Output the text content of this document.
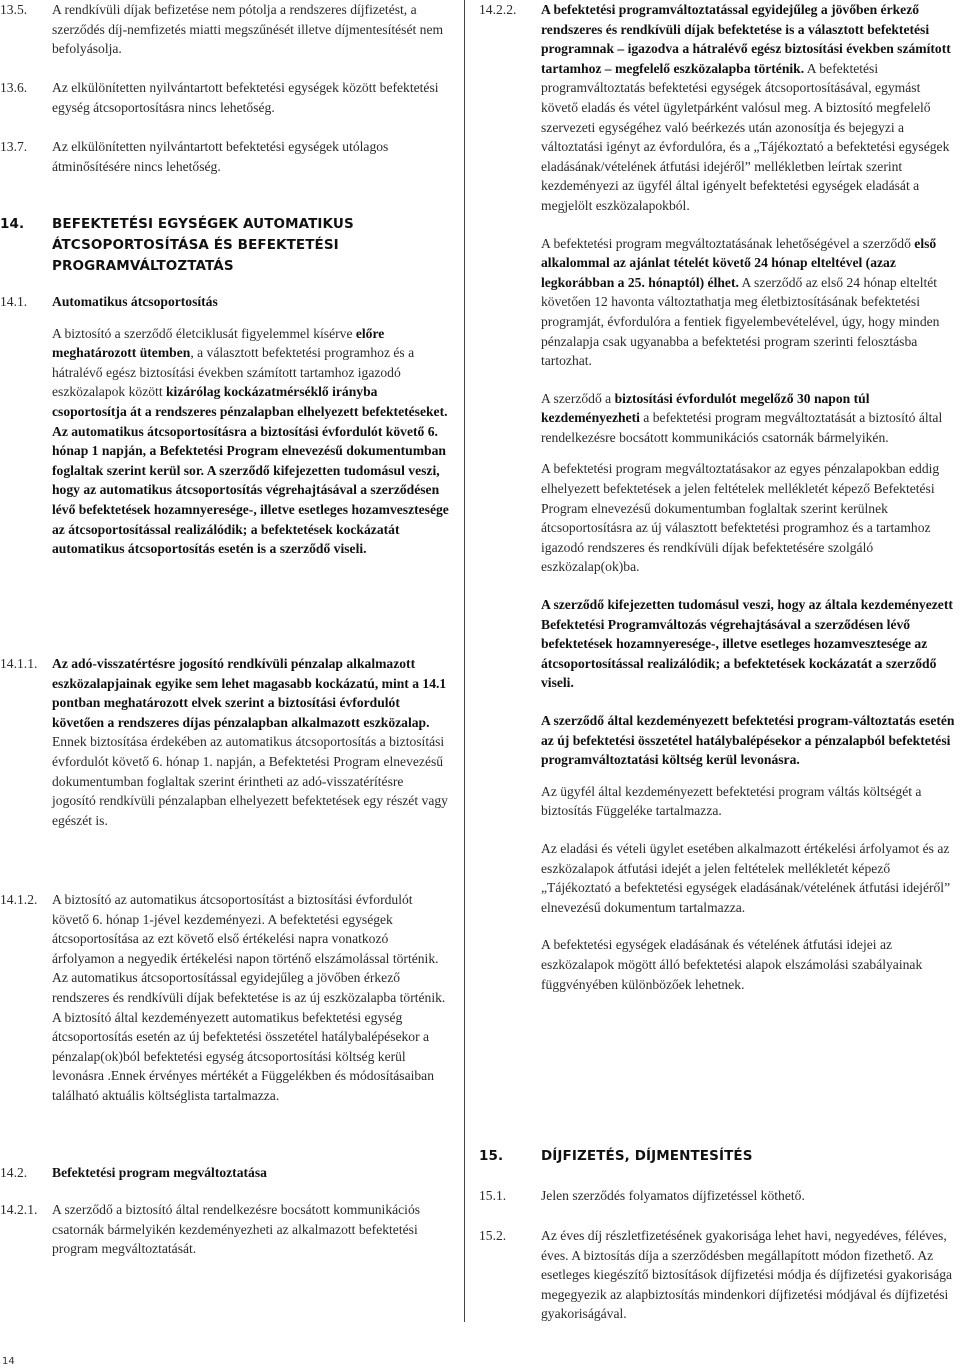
13.5. A rendkívüli díjak befizetése nem pótolja a rendszeres díjfizetést, a szerződés díj-nemfizetés miatti megszűnését illetve díjmentesítését nem befolyásolja.

13.6. Az elkülönítetten nyilvántartott befektetési egységek között befektetési egység átcsoportosításra nincs lehetőség.

13.7. Az elkülönítetten nyilvántartott befektetési egységek utólagos átminősítésére nincs lehetőség.

14. BEFEKTETÉSI EGYSÉGEK AUTOMATIKUS ÁTCSOPORTOSÍTÁSA ÉS BEFEKTETÉSI PROGRAMVÁLTOZTATÁS
14.1. Automatikus átcsoportosítás

A biztosító a szerződő életciklusát figyelemmel kísérve előre meghatározott ütemben, a választott befektetési programhoz és a hátralévő egész biztosítási években számított tartamhoz igazodó eszközalapok között kizárólag kockázatmérséklő irányba csoportosítja át a rendszeres pénzalapban elhelyezett befektetéseket. Az automatikus átcsoportosításra a biztosítási évfordulót követő 6. hónap 1 napján, a Befektetési Program elnevezésű dokumentumban foglaltak szerint kerül sor. A szerződő kifejezetten tudomásul veszi, hogy az automatikus átcsoportosítás végrehajtásával a szerződésen lévő befektetések hozamnyeresége-, illetve esetleges hozamvesztesége az átcsoportosítással realizálódik; a befektetések kockázatát automatikus átcsoportosítás esetén is a szerződő viseli.

14.1.1. Az adó-visszatértésre jogosító rendkívüli pénzalap alkalmazott eszközalapjainak egyike sem lehet magasabb kockázatú, mint a 14.1 pontban meghatározott elvek szerint a biztosítási évfordulót követően a rendszeres díjas pénzalapban alkalmazott eszközalap. Ennek biztosítása érdekében az automatikus átcsoportosítás a biztosítási évfordulót követő 6. hónap 1. napján, a Befektetési Program elnevezésű dokumentumban foglaltak szerint érintheti az adó-visszatérítésre jogosító rendkívüli pénzalapban elhelyezett befektetések egy részét vagy egészét is.

14.1.2. A biztosító az automatikus átcsoportosítást a biztosítási évfordulót követő 6. hónap 1-jével kezdeményezi. A befektetési egységek átcsoportosítása az ezt követő első értékelési napra vonatkozó árfolyamon a negyedik értékelési napon történő elszámolással történik. Az automatikus átcsoportosítással egyidejűleg a jövőben érkező rendszeres és rendkívüli díjak befektetése is az új eszközalapba történik. A biztosító által kezdeményezett automatikus befektetési egység átcsoportosítás esetén az új befektetési összetétel hatálybalépésekor a pénzalap(ok)ból befektetési egység átcsoportosítási költség kerül levonásra .Ennek érvényes mértékét a Függelékben és módosításaiban található aktuális költséglista tartalmazza.

14.2. Befektetési program megváltoztatása
14.2.1. A szerződő a biztosító által rendelkezésre bocsátott kommunikációs csatornák bármelyikén kezdeményezheti az alkalmazott befektetési program megváltoztatását.

14.2.2. A befektetési programváltoztatással egyidejűleg a jövőben érkező rendszeres és rendkívüli díjak befektetése is a választott befektetési programnak – igazodva a hátralévő egész biztosítási években számított tartamhoz – megfelelő eszközalapba történik. A befektetési programváltoztatás befektetési egységek átcsoportosításával, egymást követő eladás és vétel ügyletpárként valósul meg. A biztosító megfelelő szervezeti egységéhez való beérkezés után azonosítja és bejegyzi a változtatási igényt az évfordulóra, és a „Tájékoztató a befektetési egységek eladásának/vételének átfutási idejéről” mellékletben leírtak szerint kezdeményezi az ügyfél által igényelt befektetési egységek eladását a megjelölt eszközalapokból.

A befektetési program megváltoztatásának lehetőségével a szerződő első alkalommal az ajánlat tételét követő 24 hónap elteltével (azaz legkorábban a 25. hónaptól) élhet. A szerződő az első 24 hónap elteltét követően 12 havonta változtathatja meg életbiztosításának befektetési programját, évfordulóra a fentiek figyelembevételével, úgy, hogy minden pénzalapja csak ugyanabba a befektetési program szerinti felosztásba tartozhat.

A szerződő a biztosítási évfordulót megelőző 30 napon túl kezdeményezheti a befektetési program megváltoztatását a biztosító által rendelkezésre bocsátott kommunikációs csatornák bármelyikén.

A befektetési program megváltoztatásakor az egyes pénzalapokban eddig elhelyezett befektetések a jelen feltételek mellékletét képező Befektetési Program elnevezésű dokumentumban foglaltak szerint kerülnek átcsoportosításra az új választott befektetési programhoz és a tartamhoz igazodó rendszeres és rendkívüli díjak befektetésére szolgáló eszközalap(ok)ba.

A szerződő kifejezetten tudomásul veszi, hogy az általa kezdeményezett Befektetési Programváltozás végrehajtásával a szerződésen lévő befektetések hozamnyeresége-, illetve esetleges hozamvesztesége az átcsoportosítással realizálódik; a befektetések kockázatát a szerződő viseli.

A szerződő által kezdeményezett befektetési program-változtatás esetén az új befektetési összetétel hatálybalépésekor a pénzalapból befektetési programváltoztatási költség kerül levonásra.

Az ügyfél által kezdeményezett befektetési program váltás költségét a biztosítás Függeléke tartalmazza.

Az eladási és vételi ügylet esetében alkalmazott értékelési árfolyamot és az eszközalapok átfutási idejét a jelen feltételek mellékletét képező „Tájékoztató a befektetési egységek eladásának/vételének átfutási idejéről” elnevezésű dokumentum tartalmazza.

A befektetési egységek eladásának és vételének átfutási idejei az eszközalapok mögött álló befektetési alapok elszámolási szabályainak függvényében különbözőek lehetnek.

15.	DÍJFIZETÉS, DÍJMENTESÍTÉS
15.1.	Jelen szerződés folyamatos díjfizetéssel köthető.

15.2.	Az éves díj részletfizetésének gyakorisága lehet havi, negyedéves, féléves, éves. A biztosítás díja a szerződésben megállapított módon fizethető. Az esetleges kiegészítő biztosítások díjfizetési módja és díjfizetési gyakorisága megegyezik az alapbiztosítás mindenkori díjfizetési módjával és díjfizetési gyakoriságával.

14
